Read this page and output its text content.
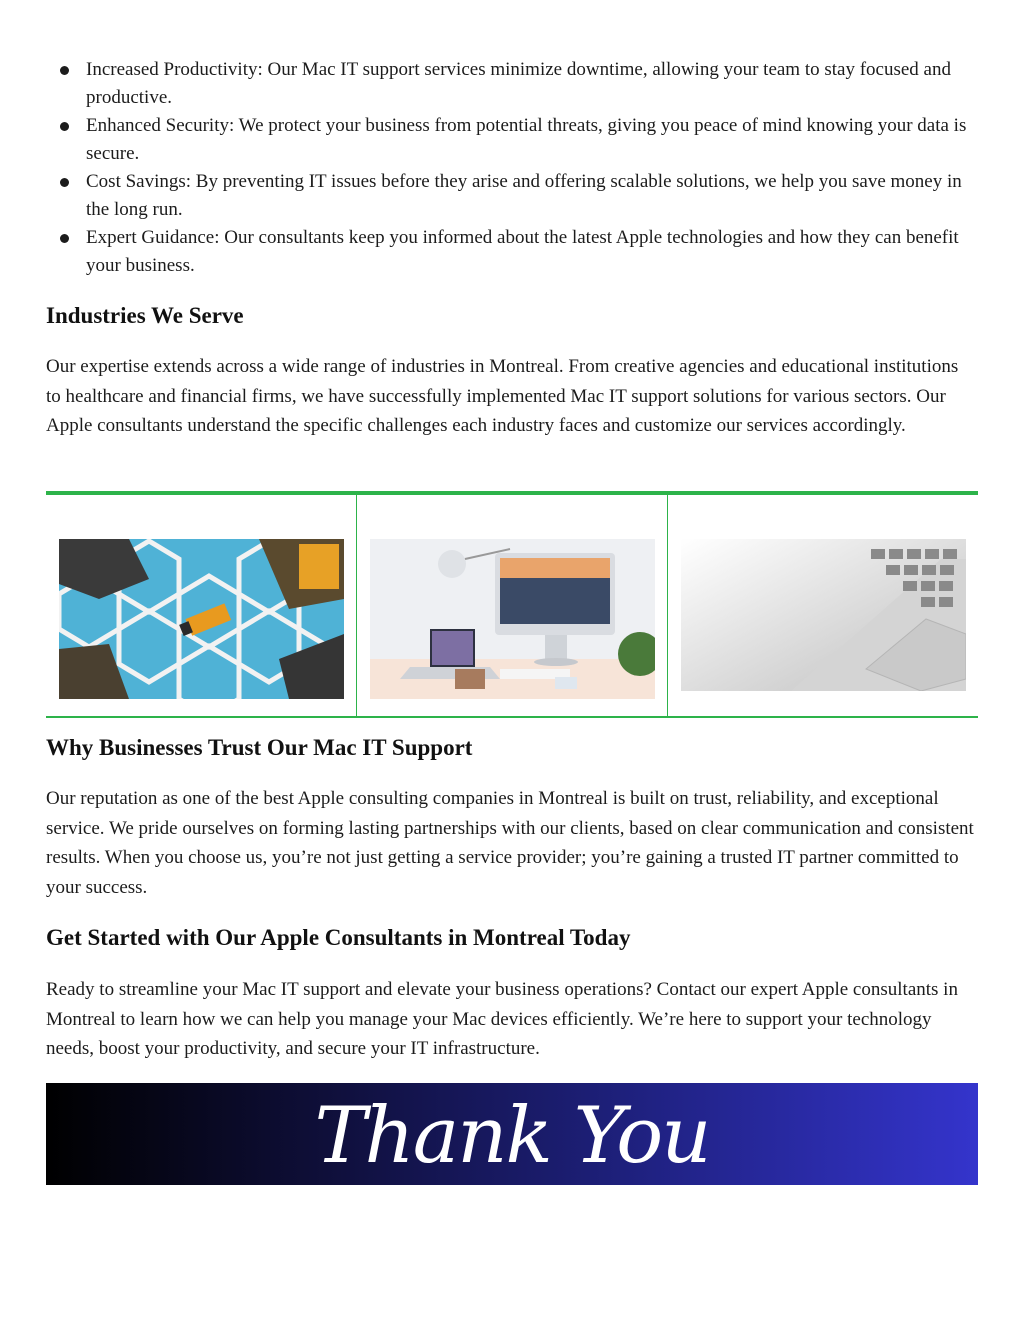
Increased Productivity: Our Mac IT support services minimize downtime, allowing your team to stay focused and productive.
Enhanced Security: We protect your business from potential threats, giving you peace of mind knowing your data is secure.
Cost Savings: By preventing IT issues before they arise and offering scalable solutions, we help you save money in the long run.
Expert Guidance: Our consultants keep you informed about the latest Apple technologies and how they can benefit your business.
Industries We Serve

Our expertise extends across a wide range of industries in Montreal. From creative agencies and educational institutions to healthcare and financial firms, we have successfully implemented Mac IT support solutions for various sectors. Our Apple consultants understand the specific challenges each industry faces and customize our services accordingly.

Why Businesses Trust Our Mac IT Support

Our reputation as one of the best Apple consulting companies in Montreal is built on trust, reliability, and exceptional service. We pride ourselves on forming lasting partnerships with our clients, based on clear communication and consistent results. When you choose us, you’re not just getting a service provider; you’re gaining a trusted IT partner committed to your success.

Get Started with Our Apple Consultants in Montreal Today

Ready to streamline your Mac IT support and elevate your business operations? Contact our expert Apple consultants in Montreal to learn how we can help you manage your Mac devices efficiently. We’re here to support your technology needs, boost your productivity, and secure your IT infrastructure.

Thank You
